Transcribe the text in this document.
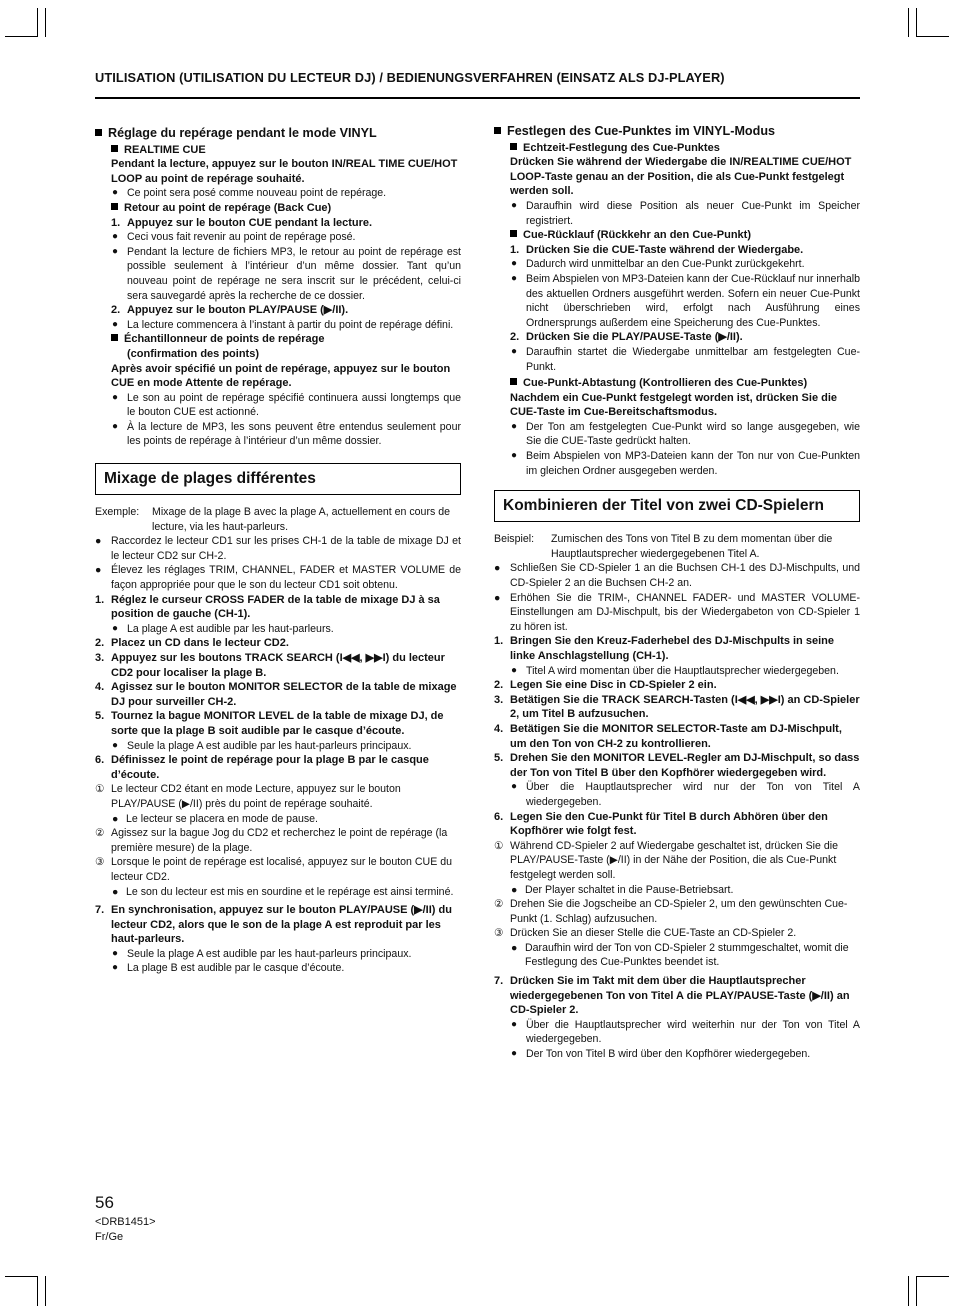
UTILISATION (UTILISATION DU LECTEUR DJ) / BEDIENUNGSVERFAHREN (EINSATZ ALS DJ-PLAYER)
Réglage du repérage pendant le mode VINYL
REALTIME CUE
Pendant la lecture, appuyez sur le bouton IN/REAL TIME CUE/HOT LOOP au point de repérage souhaité.
● Ce point sera posé comme nouveau point de repérage.
Retour au point de repérage (Back Cue)
1. Appuyez sur le bouton CUE pendant la lecture.
● Ceci vous fait revenir au point de repérage posé.
● Pendant la lecture de fichiers MP3, le retour au point de repérage est possible seulement à l’intérieur d’un même dossier. Tant qu’un nouveau point de repérage ne sera inscrit sur le précédent, celui-ci sera sauvegardé après la recherche de ce dossier.
2. Appuyez sur le bouton PLAY/PAUSE (▶/II).
● La lecture commencera à l’instant à partir du point de repérage défini.
Échantillonneur de points de repérage
(confirmation des points)
Après avoir spécifié un point de repérage, appuyez sur le bouton CUE en mode Attente de repérage.
● Le son au point de repérage spécifié continuera aussi longtemps que le bouton CUE est actionné.
● À la lecture de MP3, les sons peuvent être entendus seulement pour les points de repérage à l’intérieur d’un même dossier.
Mixage de plages différentes
Exemple: Mixage de la plage B avec la plage A, actuellement en cours de lecture, via les haut-parleurs.
● Raccordez le lecteur CD1 sur les prises CH-1 de la table de mixage DJ et le lecteur CD2 sur CH-2.
● Élevez les réglages TRIM, CHANNEL, FADER et MASTER VOLUME de façon appropriée pour que le son du lecteur CD1 soit obtenu.
1. Réglez le curseur CROSS FADER de la table de mixage DJ à sa position de gauche (CH-1).
● La plage A est audible par les haut-parleurs.
2. Placez un CD dans le lecteur CD2.
3. Appuyez sur les boutons TRACK SEARCH (I◀◀, ▶▶I) du lecteur CD2 pour localiser la plage B.
4. Agissez sur le bouton MONITOR SELECTOR de la table de mixage DJ pour surveiller CH-2.
5. Tournez la bague MONITOR LEVEL de la table de mixage DJ, de sorte que la plage B soit audible par le casque d’écoute.
● Seule la plage A est audible par les haut-parleurs principaux.
6. Définissez le point de repérage pour la plage B par le casque d’écoute.
① Le lecteur CD2 étant en mode Lecture, appuyez sur le bouton PLAY/PAUSE (▶/II) près du point de repérage souhaité.
● Le lecteur se placera en mode de pause.
② Agissez sur la bague Jog du CD2 et recherchez le point de repérage (la première mesure) de la plage.
③ Lorsque le point de repérage est localisé, appuyez sur le bouton CUE du lecteur CD2.
● Le son du lecteur est mis en sourdine et le repérage est ainsi terminé.
7. En synchronisation, appuyez sur le bouton PLAY/PAUSE (▶/II) du lecteur CD2, alors que le son de la plage A est reproduit par les haut-parleurs.
● Seule la plage A est audible par les haut-parleurs principaux.
● La plage B est audible par le casque d’écoute.
Festlegen des Cue-Punktes im VINYL-Modus
Echtzeit-Festlegung des Cue-Punktes
Drücken Sie während der Wiedergabe die IN/REALTIME CUE/HOT LOOP-Taste genau an der Position, die als Cue-Punkt festgelegt werden soll.
● Daraufhin wird diese Position als neuer Cue-Punkt im Speicher registriert.
Cue-Rücklauf (Rückkehr an den Cue-Punkt)
1. Drücken Sie die CUE-Taste während der Wiedergabe.
● Dadurch wird unmittelbar an den Cue-Punkt zurückgekehrt.
● Beim Abspielen von MP3-Dateien kann der Cue-Rücklauf nur innerhalb des aktuellen Ordners ausgeführt werden. Sofern ein neuer Cue-Punkt nicht überschrieben wird, erfolgt nach Ausführung eines Ordnersprungs außerdem eine Speicherung des Cue-Punktes.
2. Drücken Sie die PLAY/PAUSE-Taste (▶/II).
● Daraufhin startet die Wiedergabe unmittelbar am festgelegten Cue-Punkt.
Cue-Punkt-Abtastung (Kontrollieren des Cue-Punktes)
Nachdem ein Cue-Punkt festgelegt worden ist, drücken Sie die CUE-Taste im Cue-Bereitschaftsmodus.
● Der Ton am festgelegten Cue-Punkt wird so lange ausgegeben, wie Sie die CUE-Taste gedrückt halten.
● Beim Abspielen von MP3-Dateien kann der Ton nur von Cue-Punkten im gleichen Ordner ausgegeben werden.
Kombinieren der Titel von zwei CD-Spielern
Beispiel: Zumischen des Tons von Titel B zu dem momentan über die Hauptlautsprecher wiedergegebenen Titel A.
● Schließen Sie CD-Spieler 1 an die Buchsen CH-1 des DJ-Mischpults, und CD-Spieler 2 an die Buchsen CH-2 an.
● Erhöhen Sie die TRIM-, CHANNEL FADER- und MASTER VOLUME-Einstellungen am DJ-Mischpult, bis der Wiedergabeton von CD-Spieler 1 zu hören ist.
1. Bringen Sie den Kreuz-Faderhebel des DJ-Mischpults in seine linke Anschlagstellung (CH-1).
● Titel A wird momentan über die Hauptlautsprecher wiedergegeben.
2. Legen Sie eine Disc in CD-Spieler 2 ein.
3. Betätigen Sie die TRACK SEARCH-Tasten (I◀◀, ▶▶I) an CD-Spieler 2, um Titel B aufzusuchen.
4. Betätigen Sie die MONITOR SELECTOR-Taste am DJ-Mischpult, um den Ton von CH-2 zu kontrollieren.
5. Drehen Sie den MONITOR LEVEL-Regler am DJ-Mischpult, so dass der Ton von Titel B über den Kopfhörer wiedergegeben wird.
● Über die Hauptlautsprecher wird nur der Ton von Titel A wiedergegeben.
6. Legen Sie den Cue-Punkt für Titel B durch Abhören über den Kopfhörer wie folgt fest.
① Während CD-Spieler 2 auf Wiedergabe geschaltet ist, drücken Sie die PLAY/PAUSE-Taste (▶/II) in der Nähe der Position, die als Cue-Punkt festgelegt werden soll.
● Der Player schaltet in die Pause-Betriebsart.
② Drehen Sie die Jogscheibe an CD-Spieler 2, um den gewünschten Cue-Punkt (1. Schlag) aufzusuchen.
③ Drücken Sie an dieser Stelle die CUE-Taste an CD-Spieler 2.
● Daraufhin wird der Ton von CD-Spieler 2 stummgeschaltet, womit die Festlegung des Cue-Punktes beendet ist.
7. Drücken Sie im Takt mit dem über die Hauptlautsprecher wiedergegebenen Ton von Titel A die PLAY/PAUSE-Taste (▶/II) an CD-Spieler 2.
● Über die Hauptlautsprecher wird weiterhin nur der Ton von Titel A wiedergegeben.
● Der Ton von Titel B wird über den Kopfhörer wiedergegeben.
56
<DRB1451>
Fr/Ge
